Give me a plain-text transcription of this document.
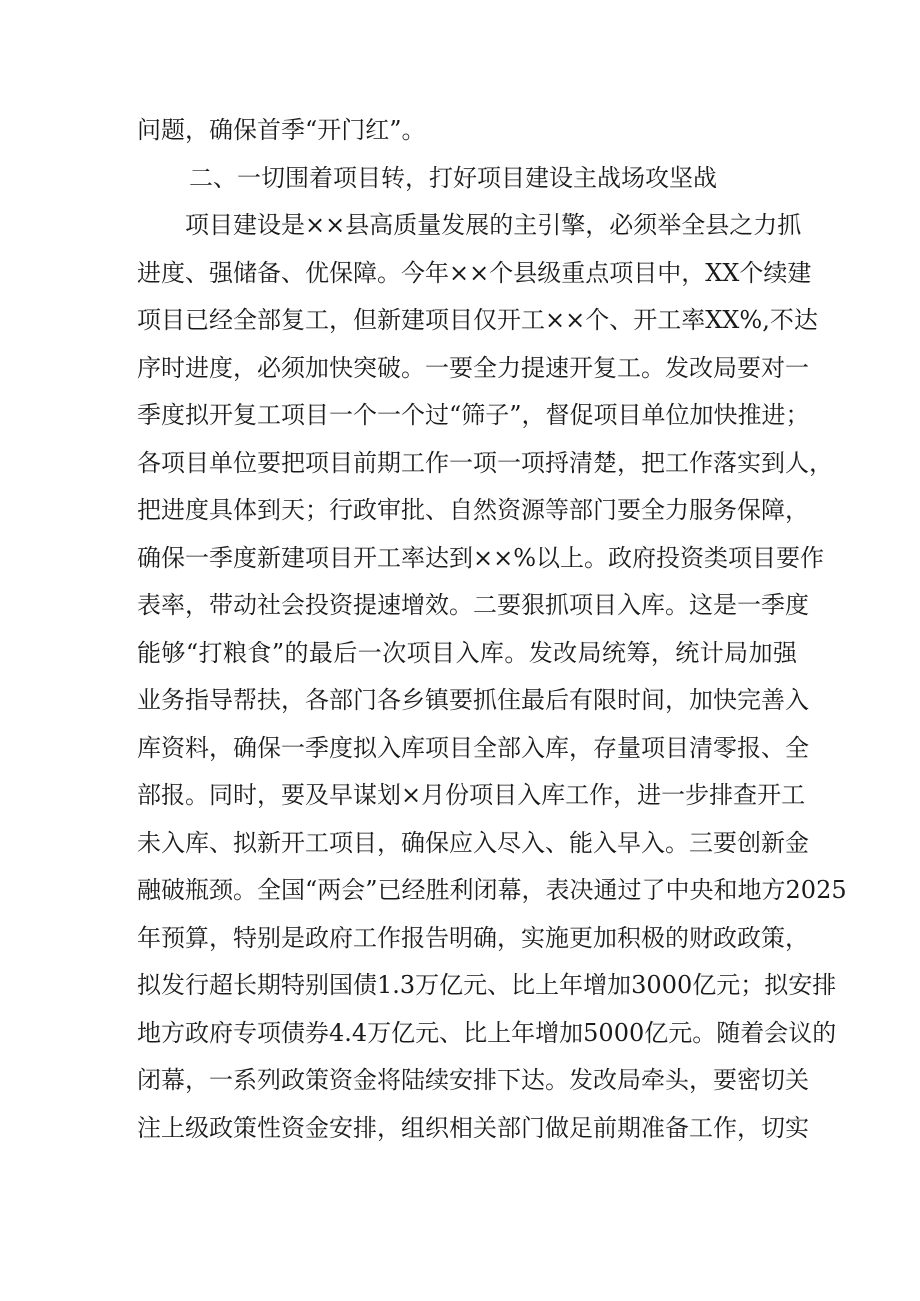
问题，确保首季“开门红”。
二、一切围着项目转，打好项目建设主战场攻坚战
项目建设是××县高质量发展的主引擎，必须举全县之力抓
进度、强储备、优保障。今年××个县级重点项目中，XX个续建
项目已经全部复工，但新建项目仅开工××个、开工率XX%,不达
序时进度，必须加快突破。一要全力提速开复工。发改局要对一
季度拟开复工项目一个一个过“筛子”，督促项目单位加快推进；
各项目单位要把项目前期工作一项一项捋清楚，把工作落实到人，
把进度具体到天；行政审批、自然资源等部门要全力服务保障，
确保一季度新建项目开工率达到××%以上。政府投资类项目要作
表率，带动社会投资提速增效。二要狠抓项目入库。这是一季度
能够“打粮食”的最后一次项目入库。发改局统筹，统计局加强
业务指导帮扶，各部门各乡镇要抓住最后有限时间，加快完善入
库资料，确保一季度拟入库项目全部入库，存量项目清零报、全
部报。同时，要及早谋划×月份项目入库工作，进一步排查开工
未入库、拟新开工项目，确保应入尽入、能入早入。三要创新金
融破瓶颈。全国“两会”已经胜利闭幕，表决通过了中央和地方2025
年预算，特别是政府工作报告明确，实施更加积极的财政政策，
拟发行超长期特别国债1.3万亿元、比上年增加3000亿元；拟安排
地方政府专项债券4.4万亿元、比上年增加5000亿元。随着会议的
闭幕，一系列政策资金将陆续安排下达。发改局牵头，要密切关
注上级政策性资金安排，组织相关部门做足前期准备工作，切实
